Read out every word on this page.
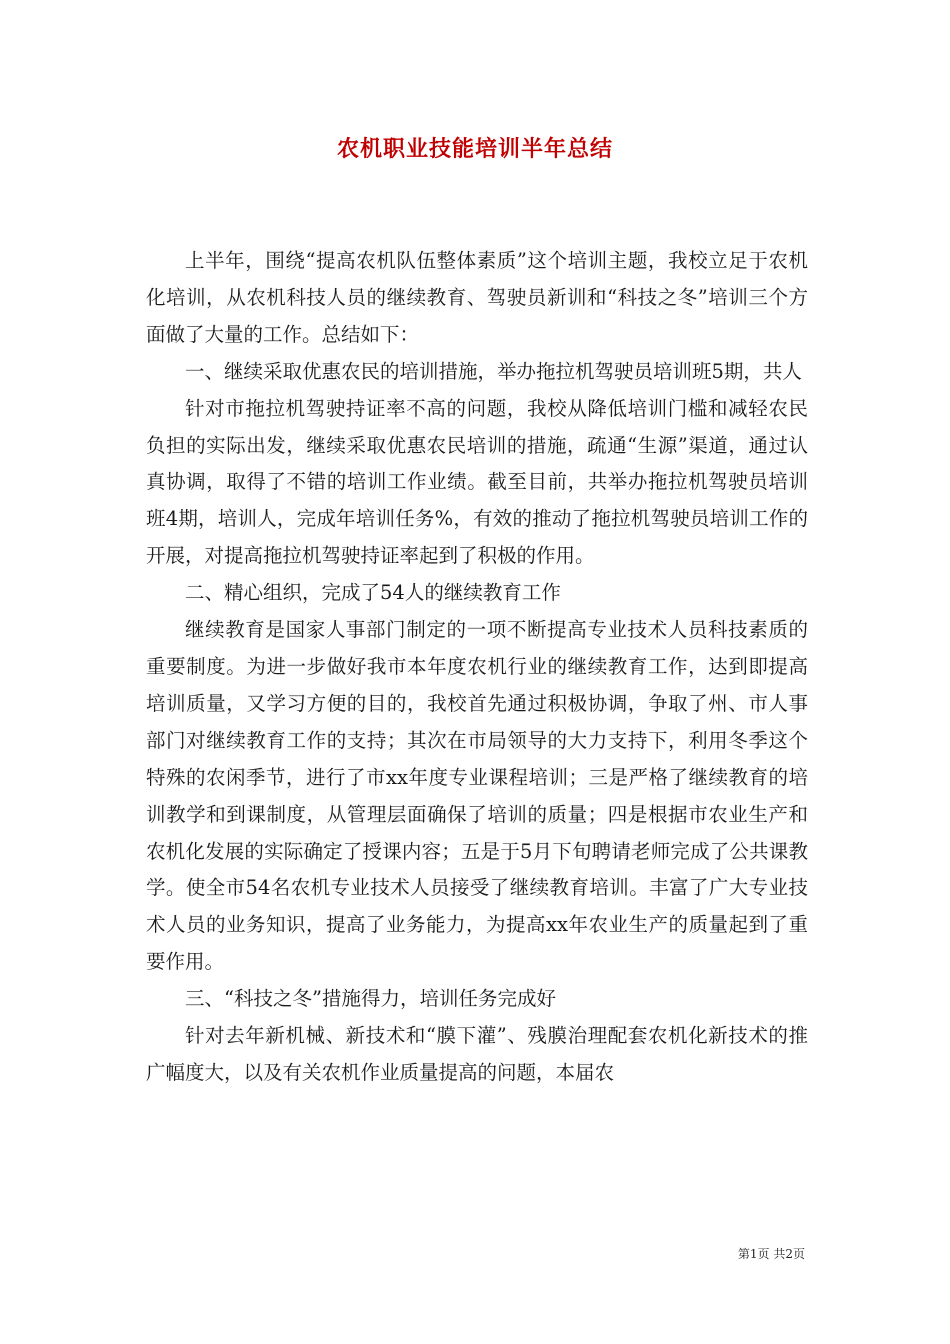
农机职业技能培训半年总结

上半年，围绕“提高农机队伍整体素质”这个培训主题，我校立足于农机化培训，从农机科技人员的继续教育、驾驶员新训和“科技之冬”培训三个方面做了大量的工作。总结如下：

一、继续采取优惠农民的培训措施，举办拖拉机驾驶员培训班5期，共人

针对市拖拉机驾驶持证率不高的问题，我校从降低培训门槛和减轻农民负担的实际出发，继续采取优惠农民培训的措施，疏通“生源”渠道，通过认真协调，取得了不错的培训工作业绩。截至目前，共举办拖拉机驾驶员培训班4期，培训人，完成年培训任务%，有效的推动了拖拉机驾驶员培训工作的开展，对提高拖拉机驾驶持证率起到了积极的作用。

二、精心组织，完成了54人的继续教育工作

继续教育是国家人事部门制定的一项不断提高专业技术人员科技素质的重要制度。为进一步做好我市本年度农机行业的继续教育工作，达到即提高培训质量，又学习方便的目的，我校首先通过积极协调，争取了州、市人事部门对继续教育工作的支持；其次在市局领导的大力支持下，利用冬季这个特殊的农闲季节，进行了市xx年度专业课程培训；三是严格了继续教育的培训教学和到课制度，从管理层面确保了培训的质量；四是根据市农业生产和农机化发展的实际确定了授课内容；五是于5月下旬聘请老师完成了公共课教学。使全市54名农机专业技术人员接受了继续教育培训。丰富了广大专业技术人员的业务知识，提高了业务能力，为提高xx年农业生产的质量起到了重要作用。

三、“科技之冬”措施得力，培训任务完成好

针对去年新机械、新技术和“膜下灌”、残膜治理配套农机化新技术的推广幅度大，以及有关农机作业质量提高的问题，本届农

第1页 共2页
